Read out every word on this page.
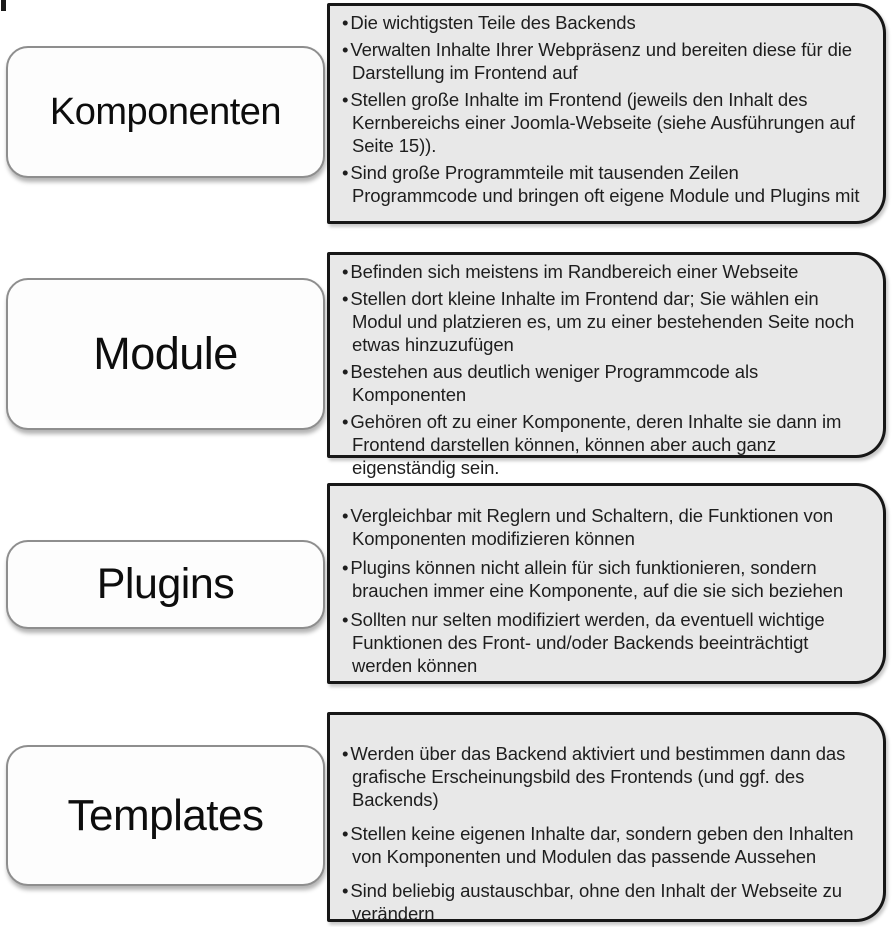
• Die wichtigsten Teile des Backends
• Verwalten Inhalte Ihrer Webpräsenz und bereiten diese für die Darstellung im Frontend auf
• Stellen große Inhalte im Frontend (jeweils den Inhalt des Kernbereichs einer Joomla-Webseite (siehe Ausführungen auf Seite 15)).
• Sind große Programmteile mit tausenden Zeilen Programmcode und bringen oft eigene Module und Plugins mit
Komponenten
• Befinden sich meistens im Randbereich einer Webseite
• Stellen dort kleine Inhalte im Frontend dar; Sie wählen ein Modul und platzieren es, um zu einer bestehenden Seite noch etwas hinzuzufügen
• Bestehen aus deutlich weniger Programmcode als Komponenten
• Gehören oft zu einer Komponente, deren Inhalte sie dann im Frontend darstellen können, können aber auch ganz eigenständig sein.
Module
• Vergleichbar mit Reglern und Schaltern, die Funktionen von Komponenten modifizieren können
• Plugins können nicht allein für sich funktionieren, sondern brauchen immer eine Komponente, auf die sie sich beziehen
• Sollten nur selten modifiziert werden, da eventuell wichtige Funktionen des Front- und/oder Backends beeinträchtigt werden können
Plugins
• Werden über das Backend aktiviert und bestimmen dann das grafische Erscheinungsbild des Frontends (und ggf. des Backends)
• Stellen keine eigenen Inhalte dar, sondern geben den Inhalten von Komponenten und Modulen das passende Aussehen
• Sind beliebig austauschbar, ohne den Inhalt der Webseite zu verändern
Templates
